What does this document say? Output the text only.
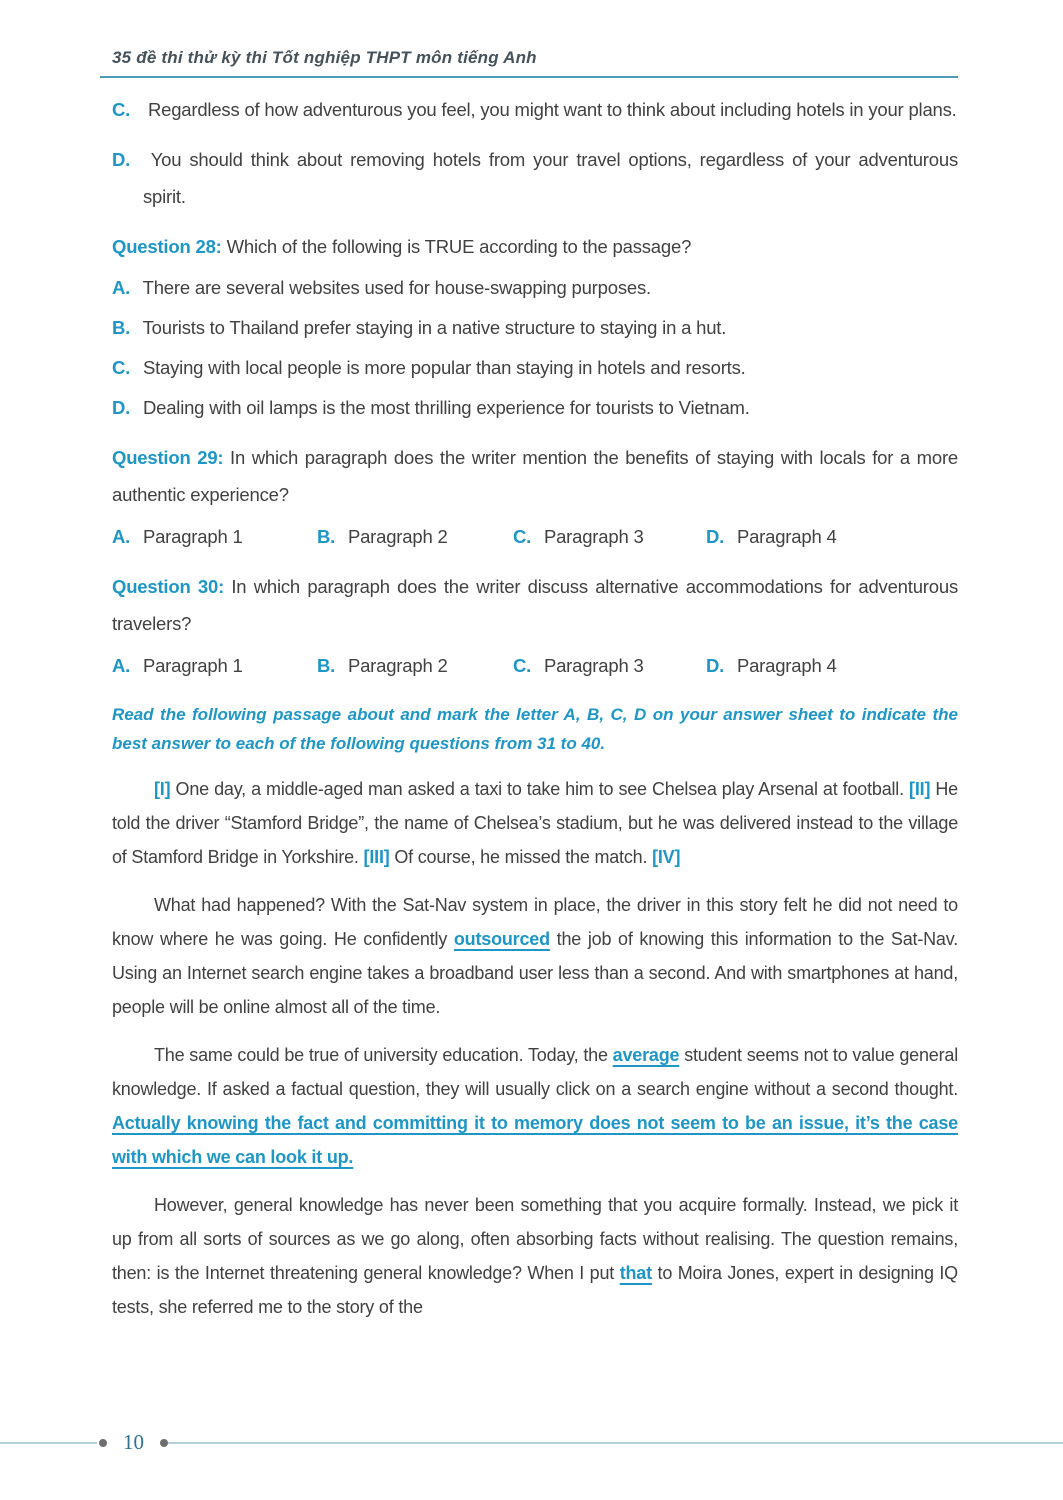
35 đề thi thử kỳ thi Tốt nghiệp THPT môn tiếng Anh
C. Regardless of how adventurous you feel, you might want to think about including hotels in your plans.
D. You should think about removing hotels from your travel options, regardless of your adventurous spirit.

Question 28: Which of the following is TRUE according to the passage?

A. There are several websites used for house-swapping purposes.
B. Tourists to Thailand prefer staying in a native structure to staying in a hut.
C. Staying with local people is more popular than staying in hotels and resorts.
D. Dealing with oil lamps is the most thrilling experience for tourists to Vietnam.

Question 29: In which paragraph does the writer mention the benefits of staying with locals for a more authentic experience?

A. Paragraph 1	B. Paragraph 2	C. Paragraph 3	D. Paragraph 4

Question 30: In which paragraph does the writer discuss alternative accommodations for adventurous travelers?

A. Paragraph 1	B. Paragraph 2	C. Paragraph 3	D. Paragraph 4

Read the following passage about and mark the letter A, B, C, D on your answer sheet to indicate the best answer to each of the following questions from 31 to 40.

[I] One day, a middle-aged man asked a taxi to take him to see Chelsea play Arsenal at football. [II] He told the driver “Stamford Bridge”, the name of Chelsea’s stadium, but he was delivered instead to the village of Stamford Bridge in Yorkshire. [III] Of course, he missed the match. [IV]

What had happened? With the Sat-Nav system in place, the driver in this story felt he did not need to know where he was going. He confidently outsourced the job of knowing this information to the Sat-Nav. Using an Internet search engine takes a broadband user less than a second. And with smartphones at hand, people will be online almost all of the time.

The same could be true of university education. Today, the average student seems not to value general knowledge. If asked a factual question, they will usually click on a search engine without a second thought. Actually knowing the fact and committing it to memory does not seem to be an issue, it’s the case with which we can look it up.

However, general knowledge has never been something that you acquire formally. Instead, we pick it up from all sorts of sources as we go along, often absorbing facts without realising. The question remains, then: is the Internet threatening general knowledge? When I put that to Moira Jones, expert in designing IQ tests, she referred me to the story of the

10
